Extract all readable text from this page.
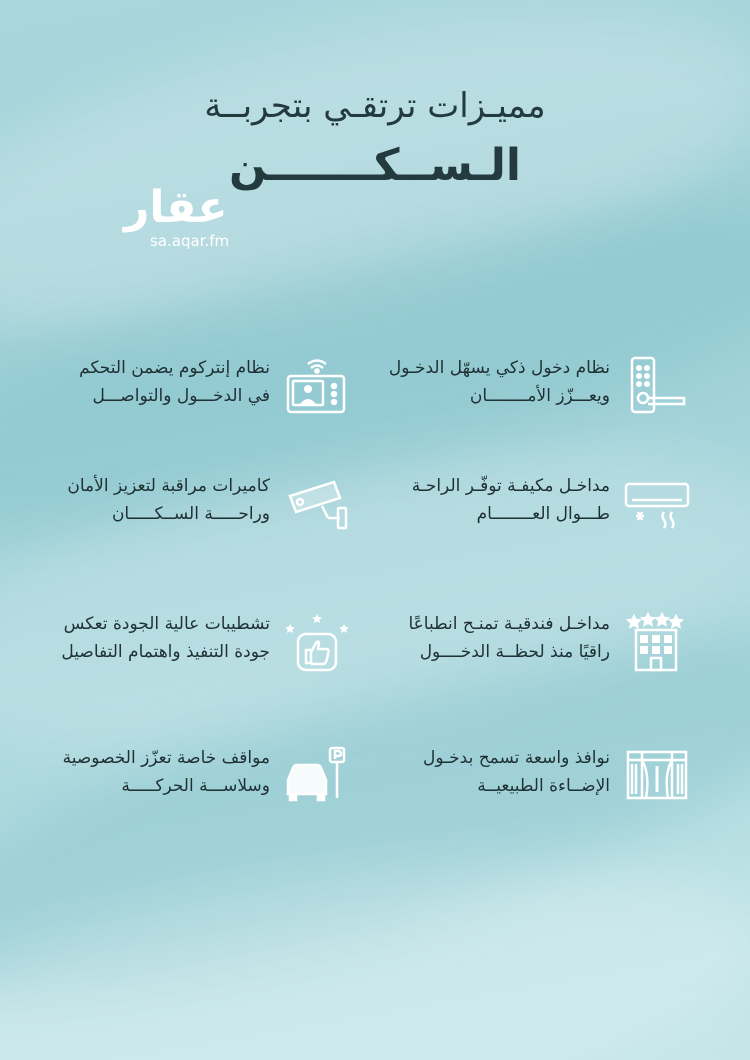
مميـزات ترتقـي بتجربــة
الـســكـــــــن
عقار
sa.aqar.fm
نظام دخول ذكي يسهّل الدخـول
ويعـــزّز الأمــــــــان
نظام إنتركوم يضمن التحكم
في الدخـــول والتواصـــل
مداخـل مكيفـة توفّـر الراحـة
طـــوال العــــــــام
كاميرات مراقبة لتعزيز الأمان
وراحـــــة الســكـــــان
مداخـل فندقيـة تمنـح انطباعًا
راقيًا منذ لحظــة الدخــــول
تشطيبات عالية الجودة تعكس
جودة التنفيذ واهتمام التفاصيل
نوافذ واسعة تسمح بدخـول
الإضــاءة الطبيعيــة
مواقف خاصة تعزّز الخصوصية
وسلاســـة الحركـــــة
